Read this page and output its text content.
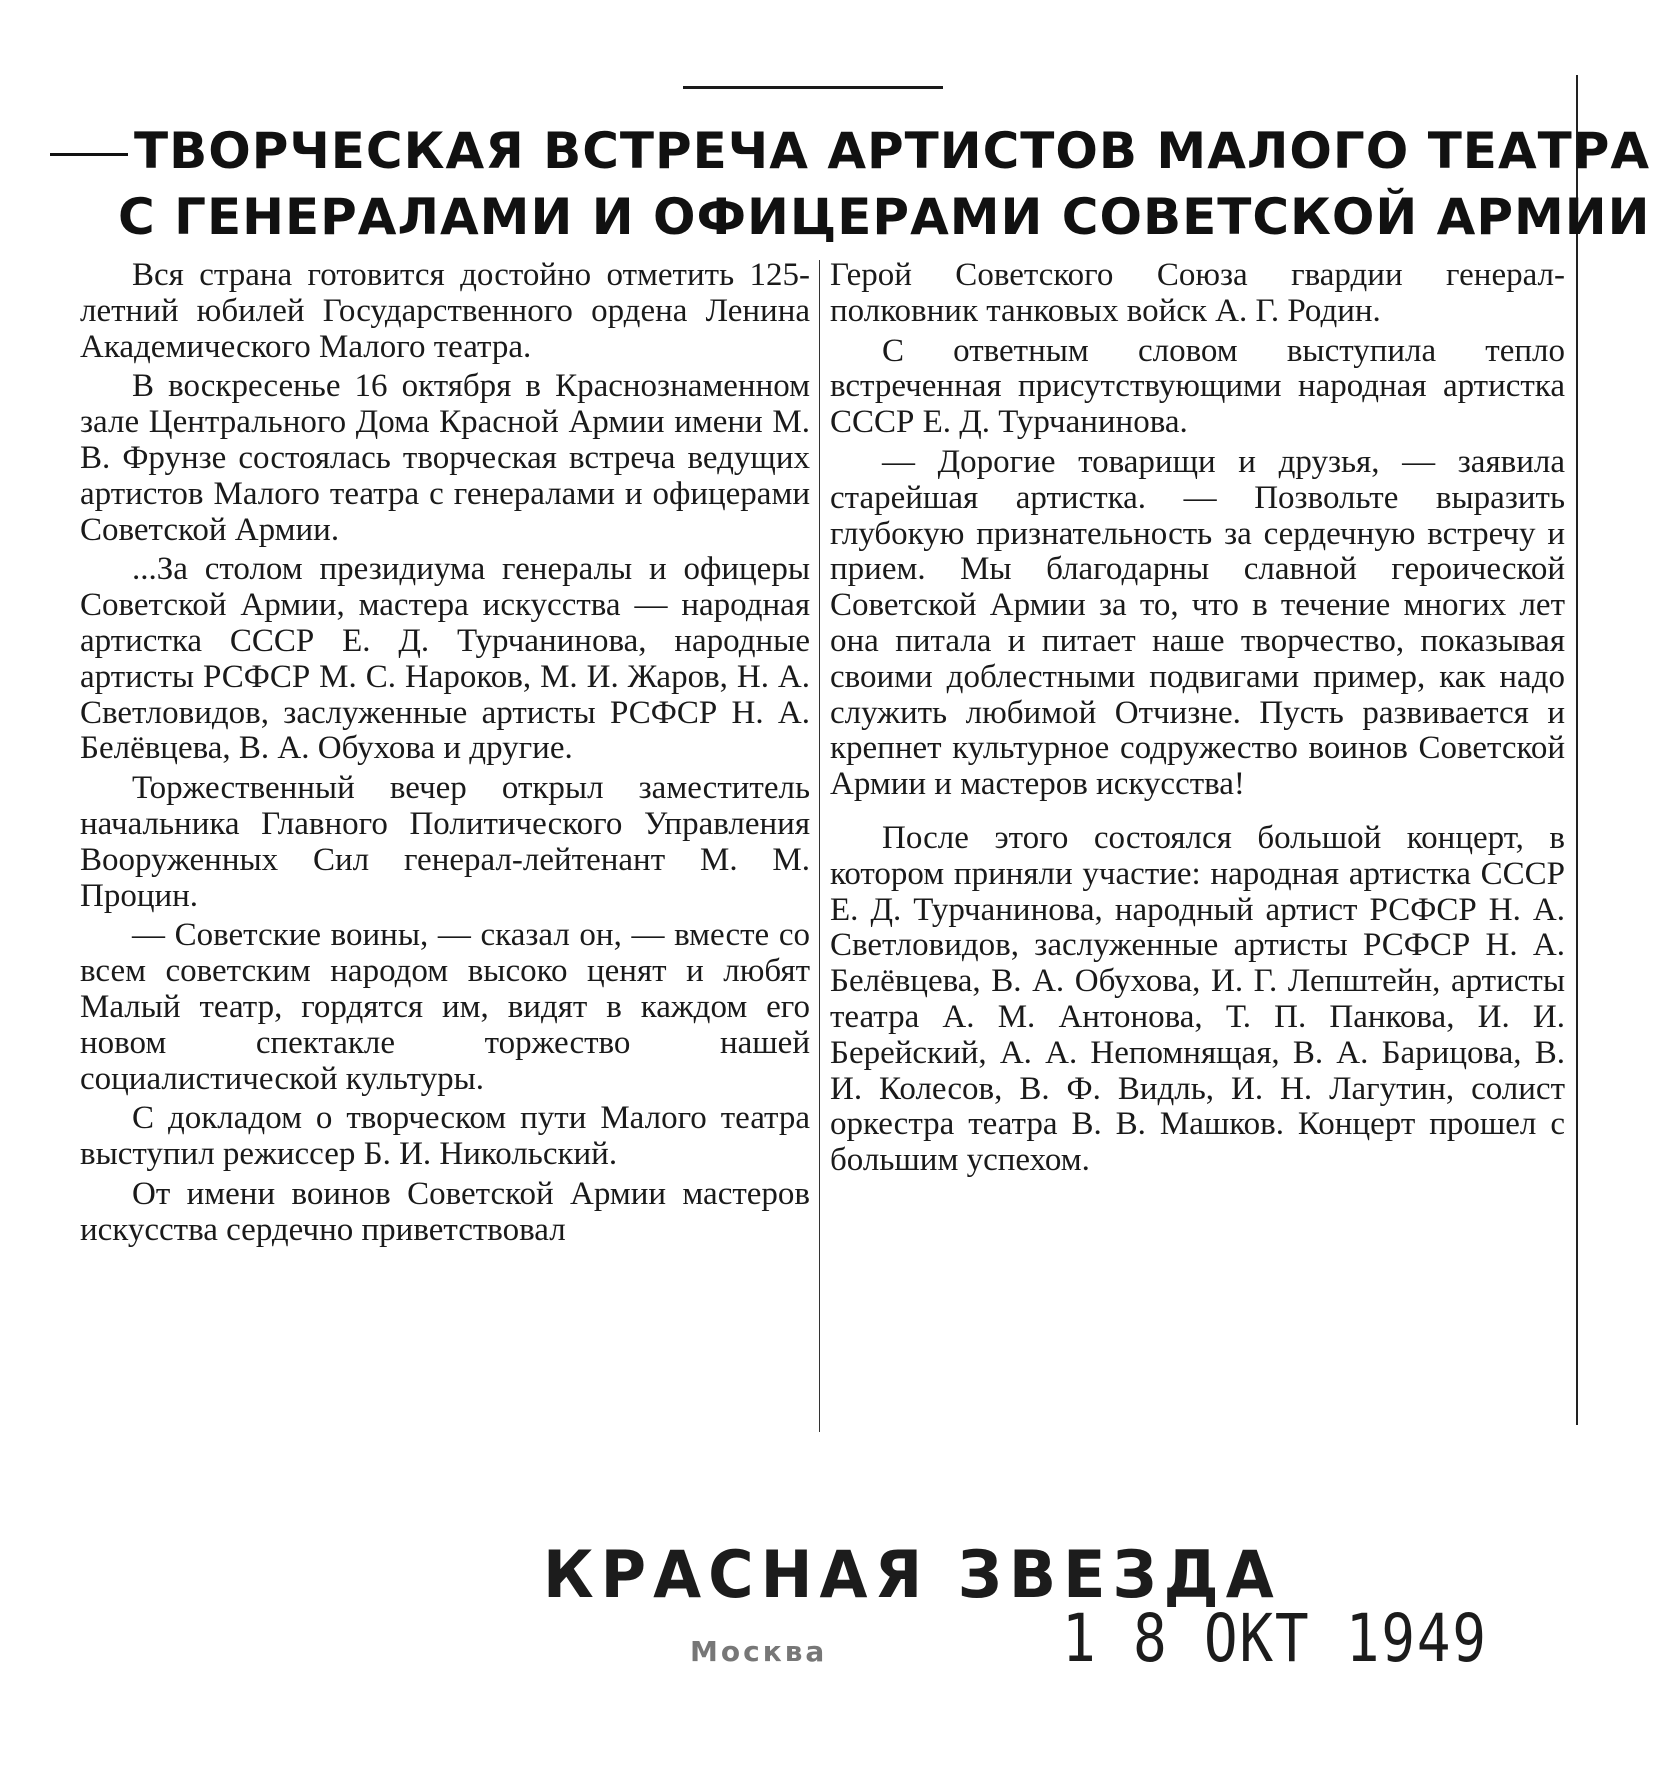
ТВОРЧЕСКАЯ ВСТРЕЧА АРТИСТОВ МАЛОГО ТЕАТРА
С ГЕНЕРАЛАМИ И ОФИЦЕРАМИ СОВЕТСКОЙ АРМИИ

Вся страна готовится достойно отметить 125-летний юбилей Государственного ордена Ленина Академического Малого театра.

В воскресенье 16 октября в Краснознаменном зале Центрального Дома Красной Армии имени М. В. Фрунзе состоялась творческая встреча ведущих артистов Малого театра с генералами и офицерами Советской Армии.

...За столом президиума генералы и офицеры Советской Армии, мастера искусства — народная артистка СССР Е. Д. Турчанинова, народные артисты РСФСР М. С. Нароков, М. И. Жаров, Н. А. Светловидов, заслуженные артисты РСФСР Н. А. Белёвцева, В. А. Обухова и другие.

Торжественный вечер открыл заместитель начальника Главного Политического Управления Вооруженных Сил генерал-лейтенант М. М. Процин.

— Советские воины, — сказал он, — вместе со всем советским народом высоко ценят и любят Малый театр, гордятся им, видят в каждом его новом спектакле торжество нашей социалистической культуры.

С докладом о творческом пути Малого театра выступил режиссер Б. И. Никольский.

От имени воинов Советской Армии мастеров искусства сердечно приветствовал

Герой Советского Союза гвардии генерал-полковник танковых войск А. Г. Родин.

С ответным словом выступила тепло встреченная присутствующими народная артистка СССР Е. Д. Турчанинова.

— Дорогие товарищи и друзья, — заявила старейшая артистка. — Позвольте выразить глубокую признательность за сердечную встречу и прием. Мы благодарны славной героической Советской Армии за то, что в течение многих лет она питала и питает наше творчество, показывая своими доблестными подвигами пример, как надо служить любимой Отчизне. Пусть развивается и крепнет культурное содружество воинов Советской Армии и мастеров искусства!

После этого состоялся большой концерт, в котором приняли участие: народная артистка СССР Е. Д. Турчанинова, народный артист РСФСР Н. А. Светловидов, заслуженные артисты РСФСР Н. А. Белёвцева, В. А. Обухова, И. Г. Лепштейн, артисты театра А. М. Антонова, Т. П. Панкова, И. И. Берейский, А. А. Непомнящая, В. А. Барицова, В. И. Колесов, В. Ф. Видль, И. Н. Лагутин, солист оркестра театра В. В. Машков. Концерт прошел с большим успехом.

КРАСНАЯ ЗВЕЗДА
Москва	1 8 ОКТ 1949
